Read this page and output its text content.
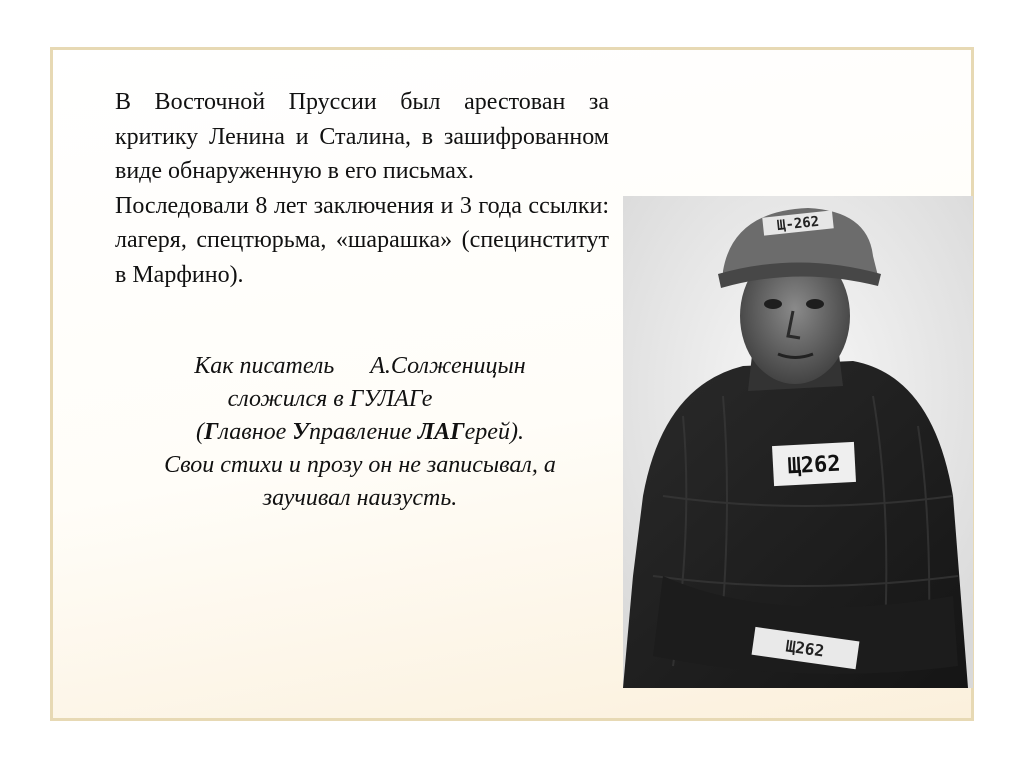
В Восточной Пруссии был арестован за критику Ленина и Сталина, в зашифрованном виде обнаруженную в его письмах.

Последовали 8 лет заключения и 3 года ссылки: лагеря, спецтюрьма, «шарашка» (специнститут в Марфино).

Как писатель      А.Солженицын
сложился в ГУЛАГе
(Главное Управление ЛАГерей).
Свои стихи и прозу он не записывал, а
заучивал наизусть.
Щ-262
Щ262
Щ262
